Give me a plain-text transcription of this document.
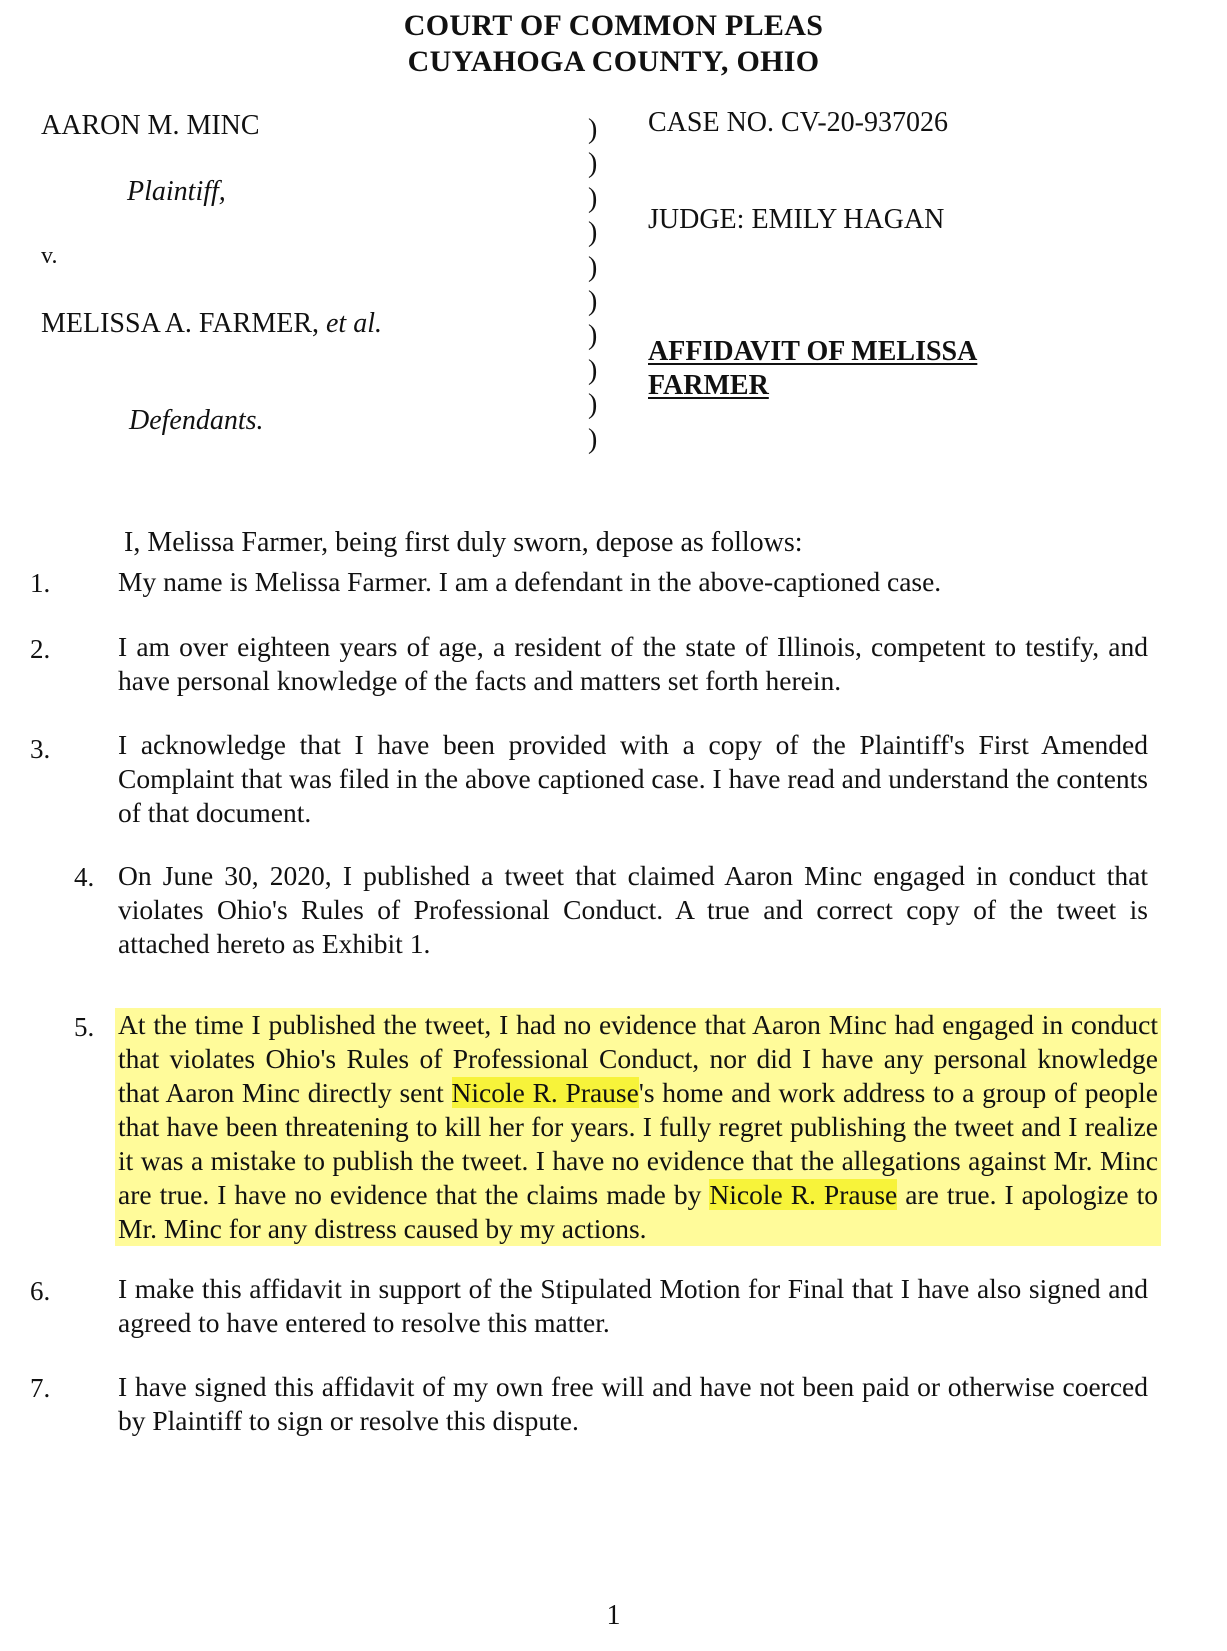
COURT OF COMMON PLEAS
CUYAHOGA COUNTY, OHIO
AARON M. MINC
Plaintiff,
v.
MELISSA A. FARMER, et al.
Defendants.
)
)
)
)
)
)
)
)
)
)
CASE NO. CV-20-937026
JUDGE: EMILY HAGAN
AFFIDAVIT OF MELISSA
FARMER
I, Melissa Farmer, being first duly sworn, depose as follows:
1. My name is Melissa Farmer. I am a defendant in the above-captioned case.
2. I am over eighteen years of age, a resident of the state of Illinois, competent to testify, and have personal knowledge of the facts and matters set forth herein.
3. I acknowledge that I have been provided with a copy of the Plaintiff's First Amended Complaint that was filed in the above captioned case. I have read and understand the contents of that document.
4. On June 30, 2020, I published a tweet that claimed Aaron Minc engaged in conduct that violates Ohio's Rules of Professional Conduct. A true and correct copy of the tweet is attached hereto as Exhibit 1.
5. At the time I published the tweet, I had no evidence that Aaron Minc had engaged in conduct that violates Ohio's Rules of Professional Conduct, nor did I have any personal knowledge that Aaron Minc directly sent Nicole R. Prause's home and work address to a group of people that have been threatening to kill her for years. I fully regret publishing the tweet and I realize it was a mistake to publish the tweet. I have no evidence that the allegations against Mr. Minc are true. I have no evidence that the claims made by Nicole R. Prause are true. I apologize to Mr. Minc for any distress caused by my actions.
6. I make this affidavit in support of the Stipulated Motion for Final that I have also signed and agreed to have entered to resolve this matter.
7. I have signed this affidavit of my own free will and have not been paid or otherwise coerced by Plaintiff to sign or resolve this dispute.
1
